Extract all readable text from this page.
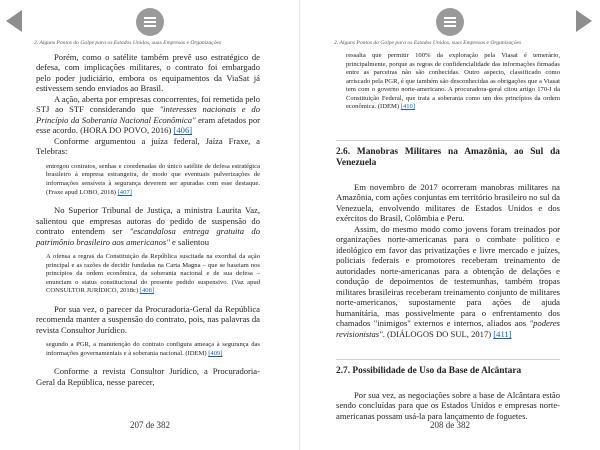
2. Alguns Pontos do Golpe para os Estados Unidos, suas Empresas e Organizações

Porém, como o satélite também prevê uso estratégico de defesa, com implicações militares, o contrato foi embargado pelo poder judiciário, embora os equipamentos da ViaSat já estivessem sendo enviados ao Brasil.

A ação, aberta por empresas concorrentes, foi remetida pelo STJ ao STF considerando que "interesses nacionais e do Princípio da Soberania Nacional Econômica" eram afetados por esse acordo. (HORA DO POVO, 2016) [406]

Conforme argumentou a juíza federal, Jaíza Fraxe, a Telebras:

entregou contratos, senhas e coordenadas do único satélite de defesa estratégica brasileiro à empresa estrangeira, de modo que eventuais pulverizações de informações sensíveis à segurança deverem ser apuradas com esse destaque. (Fraxe apud LOBO, 2018) [407]

No Superior Tribunal de Justiça, a ministra Laurita Vaz, salientou que empresas autoras do pedido de suspensão do contrato entendem ser "escandalosa entrega gratuita do patrimônio brasileiro aos americanos" e salientou

A ofensa a regras da Constituição da República suscitada na exordial da ação principal e as razões de decidir fundadas na Carta Magna – que se baseiam nos princípios da ordem econômica, da soberania nacional e de sua defesa – enunciam o status constitucional do presente pedido suspensivo. (Vaz apud CONSULTOR JURÍDICO, 2018c) [408]

Por sua vez, o parecer da Procuradoria-Geral da República recomenda manter a suspensão do contrato, pois, nas palavras da revista Consultor Jurídico.

segundo a PGR, a manutenção do contrato configura ameaça à segurança das informações governamentais e à soberania nacional. (IDEM) [409]

Conforme a revista Consultor Jurídico, a Procuradoria-Geral da República, nesse parecer,

207 de 382
2. Alguns Pontos do Golpe para os Estados Unidos, suas Empresas e Organizações
ressalta que permitir 100% da exploração pela Viasat é temerário, principalmente, porque as regras de confidencialidade das informações firmadas entre as parceiras não são conhecidas. Outro aspecto, classificado como arriscado pela PGR, é que também são desconhecidas as obrigações que a Viasat tem com o governo norte-americano. A procuradora-geral citou artigo 170-I da Constituição Federal, que trata a soberania como um dos princípios da ordem econômica. (IDEM) [410]
2.6. Manobras Militares na Amazônia, ao Sul da Venezuela

Em novembro de 2017 ocorreram manobras militares na Amazônia, com ações conjuntas em território brasileiro no sul da Venezuela, envolvendo militares de Estados Unidos e dos exércitos do Brasil, Colômbia e Peru.

Assim, do mesmo modo como jovens foram treinados por organizações norte-americanas para o combate político e ideológico em favor das privatizações e livre mercado e juízes, policiais federais e promotores receberam treinamento de autoridades norte-americanas para a obtenção de delações e condução de depoimentos de testemunhas, também tropas militares brasileiras receberam treinamento conjunto de militares norte-americanos, supostamente para ações de ajuda humanitária, mas possivelmente para o enfrentamento dos chamados "inimigos" externos e internos, aliados aos "poderes revisionistas". (DIÁLOGOS DO SUL, 2017) [411]

2.7. Possibilidade de Uso da Base de Alcântara

Por sua vez, as negociações sobre a base de Alcântara estão sendo concluídas para que os Estados Unidos e empresas norte-americanas possam usá-la para lançamento de foguetes.

208 de 382
